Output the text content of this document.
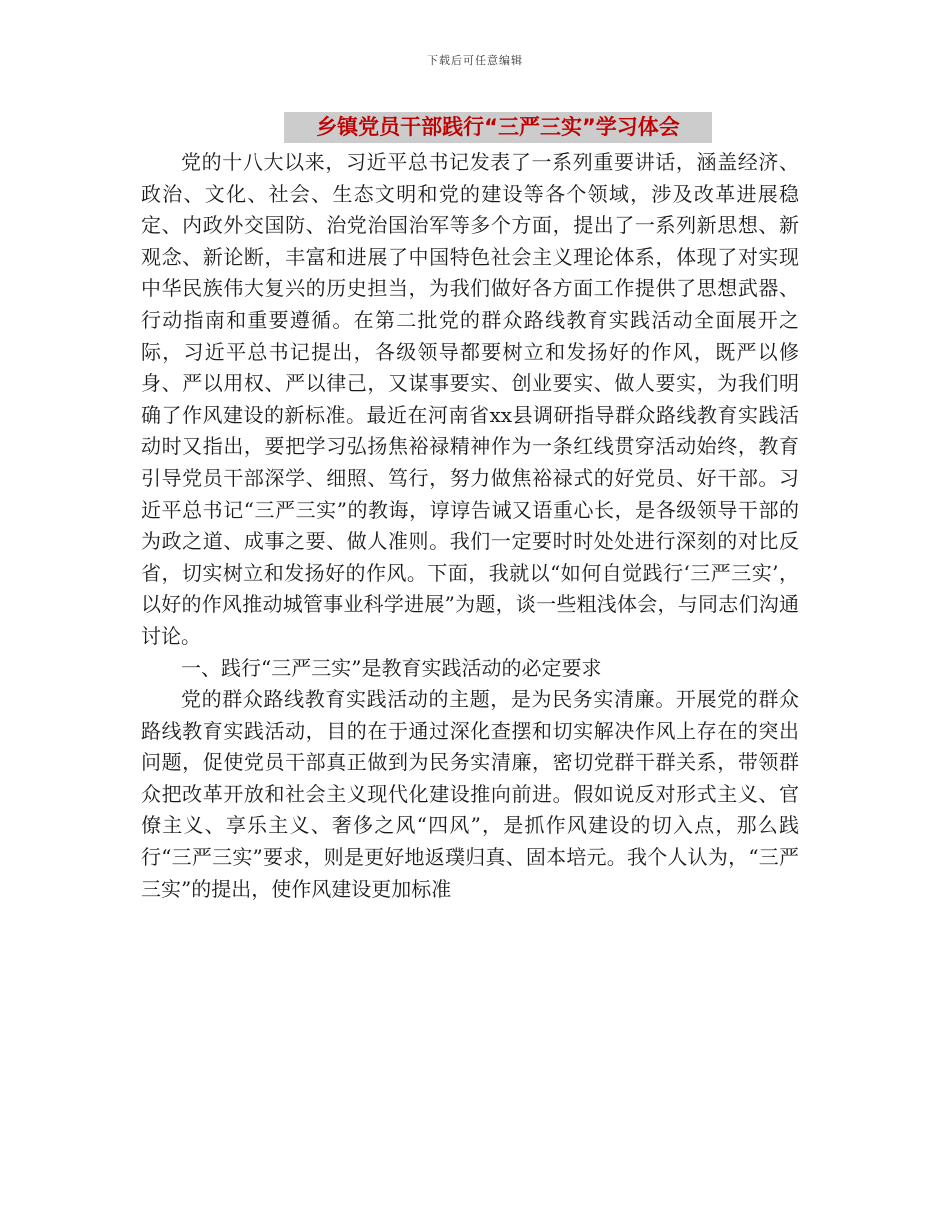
下载后可任意编辑
乡镇党员干部践行“三严三实”学习体会

党的十八大以来，习近平总书记发表了一系列重要讲话，涵盖经济、政治、文化、社会、生态文明和党的建设等各个领域，涉及改革进展稳定、内政外交国防、治党治国治军等多个方面，提出了一系列新思想、新观念、新论断，丰富和进展了中国特色社会主义理论体系，体现了对实现中华民族伟大复兴的历史担当，为我们做好各方面工作提供了思想武器、行动指南和重要遵循。在第二批党的群众路线教育实践活动全面展开之际，习近平总书记提出，各级领导都要树立和发扬好的作风，既严以修身、严以用权、严以律己，又谋事要实、创业要实、做人要实，为我们明确了作风建设的新标准。最近在河南省xx县调研指导群众路线教育实践活动时又指出，要把学习弘扬焦裕禄精神作为一条红线贯穿活动始终，教育引导党员干部深学、细照、笃行，努力做焦裕禄式的好党员、好干部。习近平总书记“三严三实”的教诲，谆谆告诫又语重心长，是各级领导干部的为政之道、成事之要、做人准则。我们一定要时时处处进行深刻的对比反省，切实树立和发扬好的作风。下面，我就以“如何自觉践行‘三严三实’，以好的作风推动城管事业科学进展”为题，谈一些粗浅体会，与同志们沟通讨论。

一、践行“三严三实”是教育实践活动的必定要求

党的群众路线教育实践活动的主题，是为民务实清廉。开展党的群众路线教育实践活动，目的在于通过深化查摆和切实解决作风上存在的突出问题，促使党员干部真正做到为民务实清廉，密切党群干群关系，带领群众把改革开放和社会主义现代化建设推向前进。假如说反对形式主义、官僚主义、享乐主义、奢侈之风“四风”，是抓作风建设的切入点，那么践行“三严三实”要求，则是更好地返璞归真、固本培元。我个人认为，“三严三实”的提出，使作风建设更加标准
